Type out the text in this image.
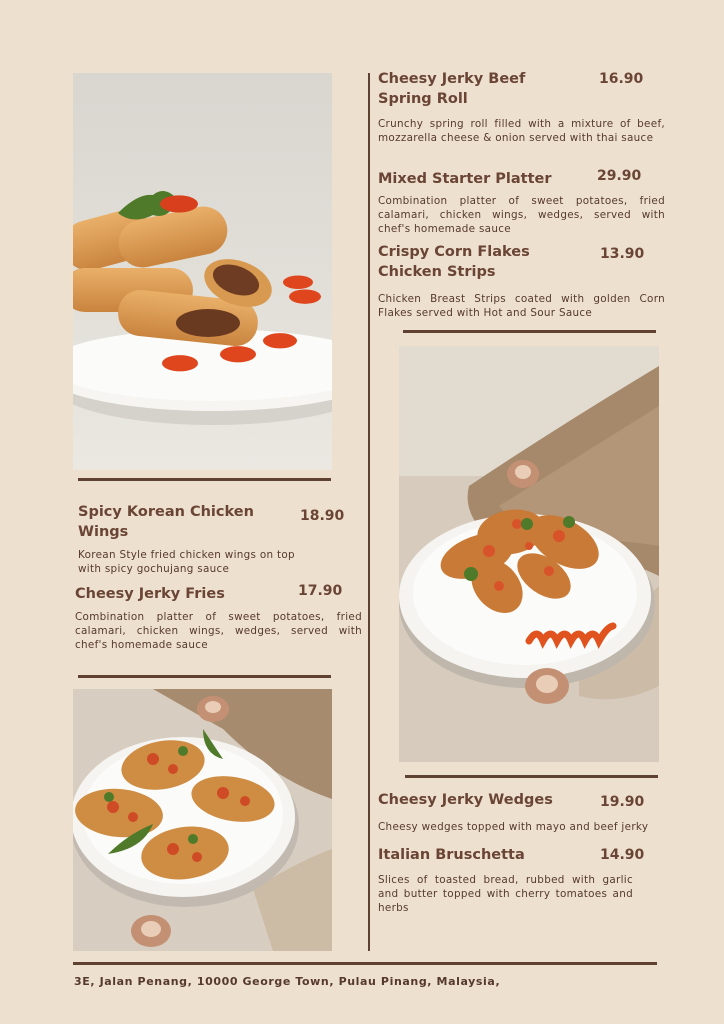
Cheesy Jerky Beef Spring Roll
16.90
Crunchy spring roll filled with a mixture of beef, mozzarella cheese & onion served with thai sauce
Mixed Starter Platter	29.90
Combination platter of sweet potatoes, fried calamari, chicken wings, wedges, served with chef's homemade sauce
Crispy Corn Flakes Chicken Strips
13.90
Chicken Breast Strips coated with golden Corn Flakes served with Hot and Sour Sauce
Spicy Korean Chicken Wings
18.90
Korean Style fried chicken wings on top with spicy gochujang sauce
Cheesy Jerky Fries	17.90
Combination platter of sweet potatoes, fried calamari, chicken wings, wedges, served with chef's homemade sauce
Cheesy Jerky Wedges	19.90
Cheesy wedges topped with mayo and beef jerky
Italian Bruschetta	14.90
Slices of toasted bread, rubbed with garlic and butter topped with cherry tomatoes and herbs
3E, Jalan Penang, 10000 George Town, Pulau Pinang, Malaysia,
